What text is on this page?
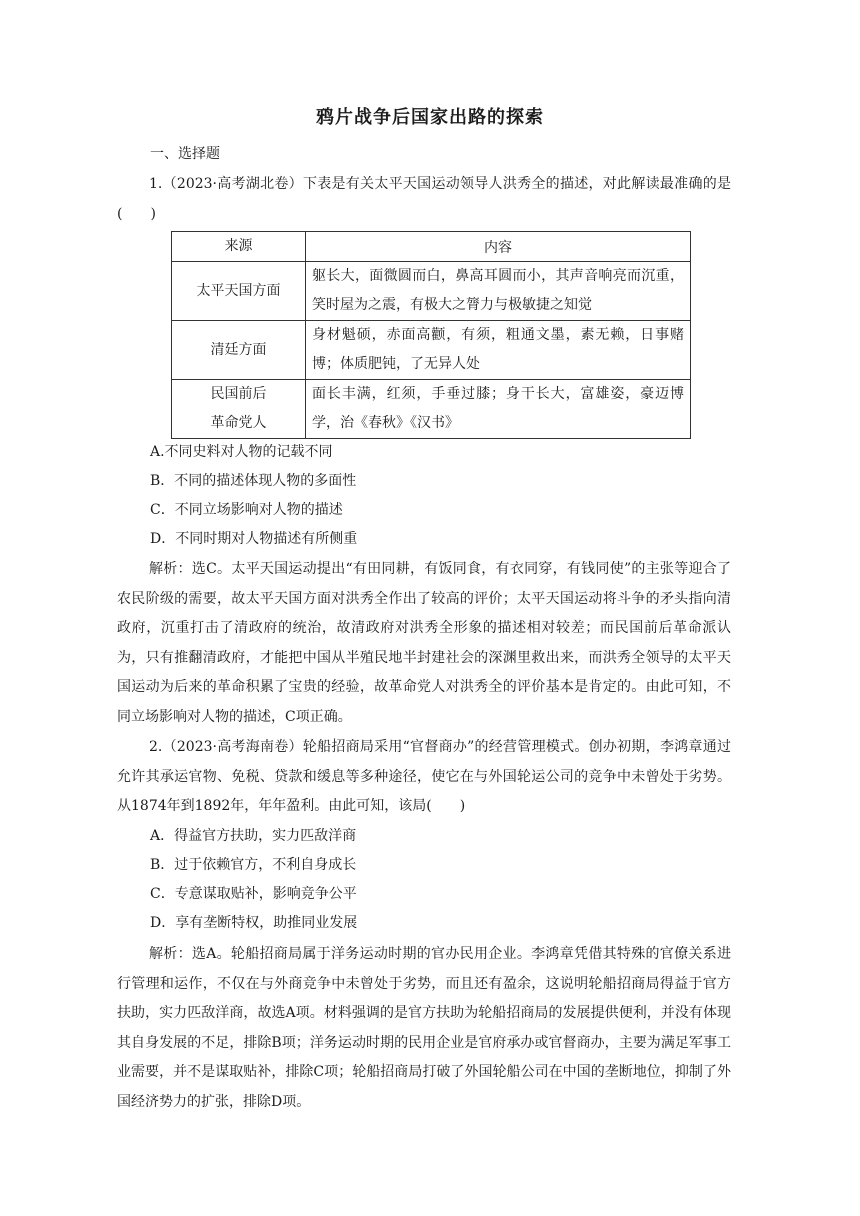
鸦片战争后国家出路的探索
一、选择题
1.（2023·高考湖北卷）下表是有关太平天国运动领导人洪秀全的描述，对此解读最准确的是(　　)
来源	内容
太平天国方面	躯长大，面微圆而白，鼻高耳圆而小，其声音响亮而沉重，笑时屋为之震，有极大之膂力与极敏捷之知觉
清廷方面	身材魁硕，赤面高颧，有须，粗通文墨，素无赖，日事赌博；体质肥钝，了无异人处
民国前后
革命党人	面长丰满，红须，手垂过膝；身干长大，富雄姿，豪迈博学，治《春秋》《汉书》
A.不同史料对人物的记载不同
B．不同的描述体现人物的多面性
C．不同立场影响对人物的描述
D．不同时期对人物描述有所侧重
解析：选C。太平天国运动提出“有田同耕，有饭同食，有衣同穿，有钱同使”的主张等迎合了农民阶级的需要，故太平天国方面对洪秀全作出了较高的评价；太平天国运动将斗争的矛头指向清政府，沉重打击了清政府的统治，故清政府对洪秀全形象的描述相对较差；而民国前后革命派认为，只有推翻清政府，才能把中国从半殖民地半封建社会的深渊里救出来，而洪秀全领导的太平天国运动为后来的革命积累了宝贵的经验，故革命党人对洪秀全的评价基本是肯定的。由此可知，不同立场影响对人物的描述，C项正确。
2.（2023·高考海南卷）轮船招商局采用“官督商办”的经营管理模式。创办初期，李鸿章通过允许其承运官物、免税、贷款和缓息等多种途径，使它在与外国轮运公司的竞争中未曾处于劣势。从1874年到1892年，年年盈利。由此可知，该局(　　)
A．得益官方扶助，实力匹敌洋商
B．过于依赖官方，不利自身成长
C．专意谋取贴补，影响竞争公平
D．享有垄断特权，助推同业发展
解析：选A。轮船招商局属于洋务运动时期的官办民用企业。李鸿章凭借其特殊的官僚关系进行管理和运作，不仅在与外商竞争中未曾处于劣势，而且还有盈余，这说明轮船招商局得益于官方扶助，实力匹敌洋商，故选A项。材料强调的是官方扶助为轮船招商局的发展提供便利，并没有体现其自身发展的不足，排除B项；洋务运动时期的民用企业是官府承办或官督商办，主要为满足军事工业需要，并不是谋取贴补，排除C项；轮船招商局打破了外国轮船公司在中国的垄断地位，抑制了外国经济势力的扩张，排除D项。
